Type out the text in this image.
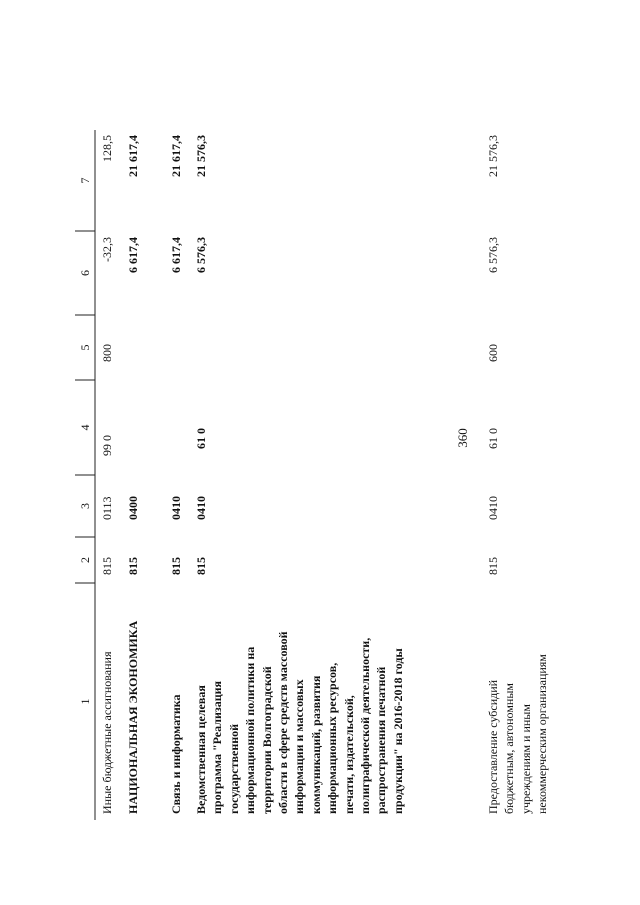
360
1
2
3
4
5
6
7
Иные бюджетные ассигнования
815
0113
99 0
800
-32,3
128,5
НАЦИОНАЛЬНАЯ ЭКОНОМИКА
815
0400
6 617,4
21 617,4
Связь и информатика
815
0410
6 617,4
21 617,4
Ведомственная целевая программа "Реализация государственной информационной политики на территории Волгоградской области в сфере средств массовой информации и массовых коммуникаций, развития информационных ресурсов, печати, издательской, полиграфической деятельности, распространения печатной продукции" на 2016-2018 годы
815
0410
61 0
6 576,3
21 576,3
Предоставление субсидий бюджетным, автономным учреждениям и иным некоммерческим организациям
815
0410
61 0
600
6 576,3
21 576,3
